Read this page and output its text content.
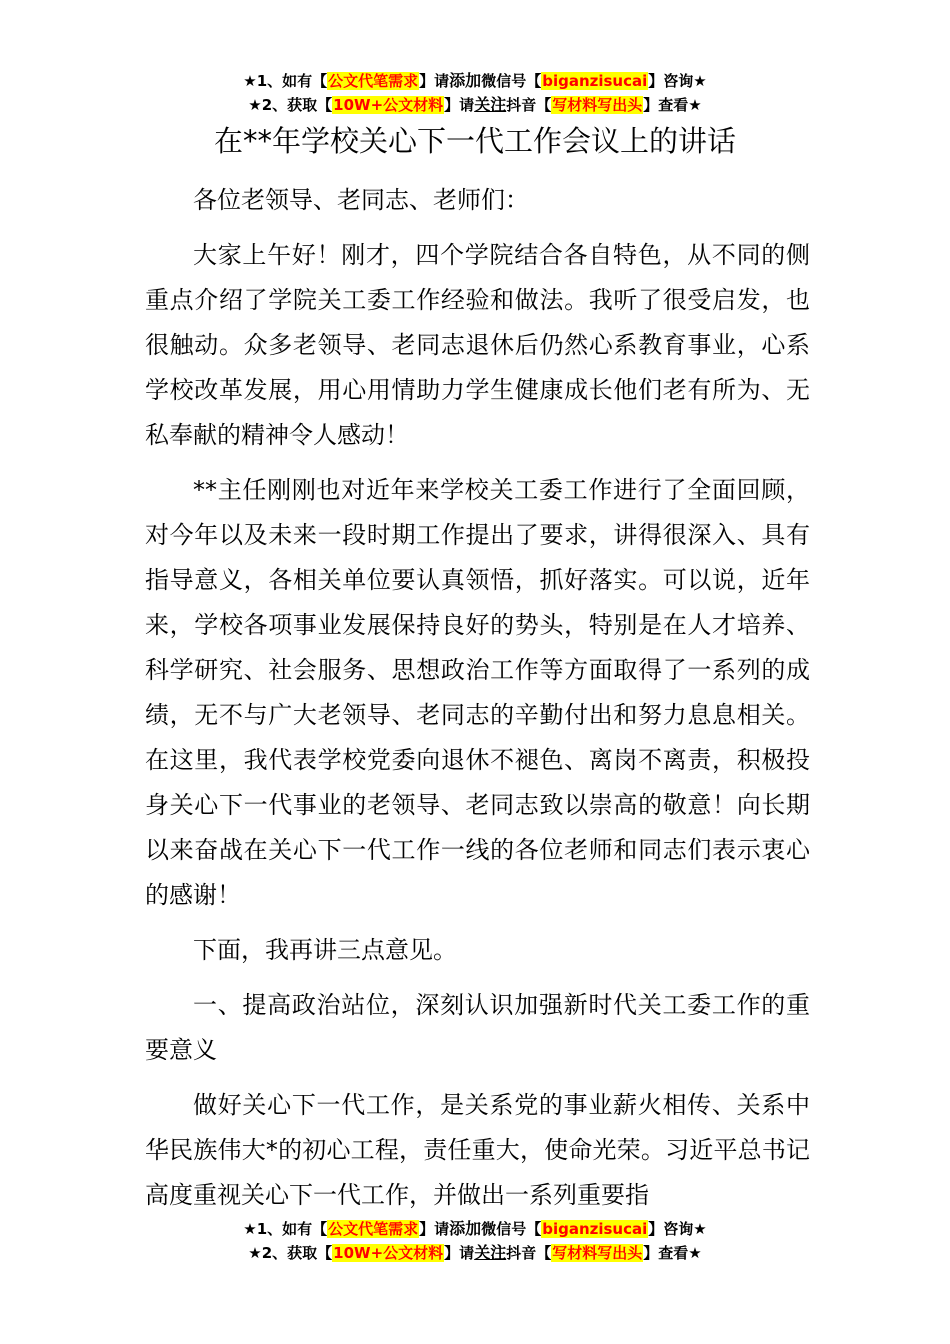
★1、如有【公文代笔需求】请添加微信号【biganzisucai】咨询★
★2、获取【10W+公文材料】请关注抖音【写材料写出头】查看★
在**年学校关心下一代工作会议上的讲话

各位老领导、老同志、老师们：

大家上午好！刚才，四个学院结合各自特色，从不同的侧重点介绍了学院关工委工作经验和做法。我听了很受启发，也很触动。众多老领导、老同志退休后仍然心系教育事业，心系学校改革发展，用心用情助力学生健康成长他们老有所为、无私奉献的精神令人感动！

**主任刚刚也对近年来学校关工委工作进行了全面回顾，对今年以及未来一段时期工作提出了要求，讲得很深入、具有指导意义，各相关单位要认真领悟，抓好落实。可以说，近年来，学校各项事业发展保持良好的势头，特别是在人才培养、科学研究、社会服务、思想政治工作等方面取得了一系列的成绩，无不与广大老领导、老同志的辛勤付出和努力息息相关。在这里，我代表学校党委向退休不褪色、离岗不离责，积极投身关心下一代事业的老领导、老同志致以崇高的敬意！向长期以来奋战在关心下一代工作一线的各位老师和同志们表示衷心的感谢！

下面，我再讲三点意见。

一、提高政治站位，深刻认识加强新时代关工委工作的重要意义

做好关心下一代工作，是关系党的事业薪火相传、关系中华民族伟大*的初心工程，责任重大，使命光荣。习近平总书记高度重视关心下一代工作，并做出一系列重要指

★1、如有【公文代笔需求】请添加微信号【biganzisucai】咨询★
★2、获取【10W+公文材料】请关注抖音【写材料写出头】查看★
